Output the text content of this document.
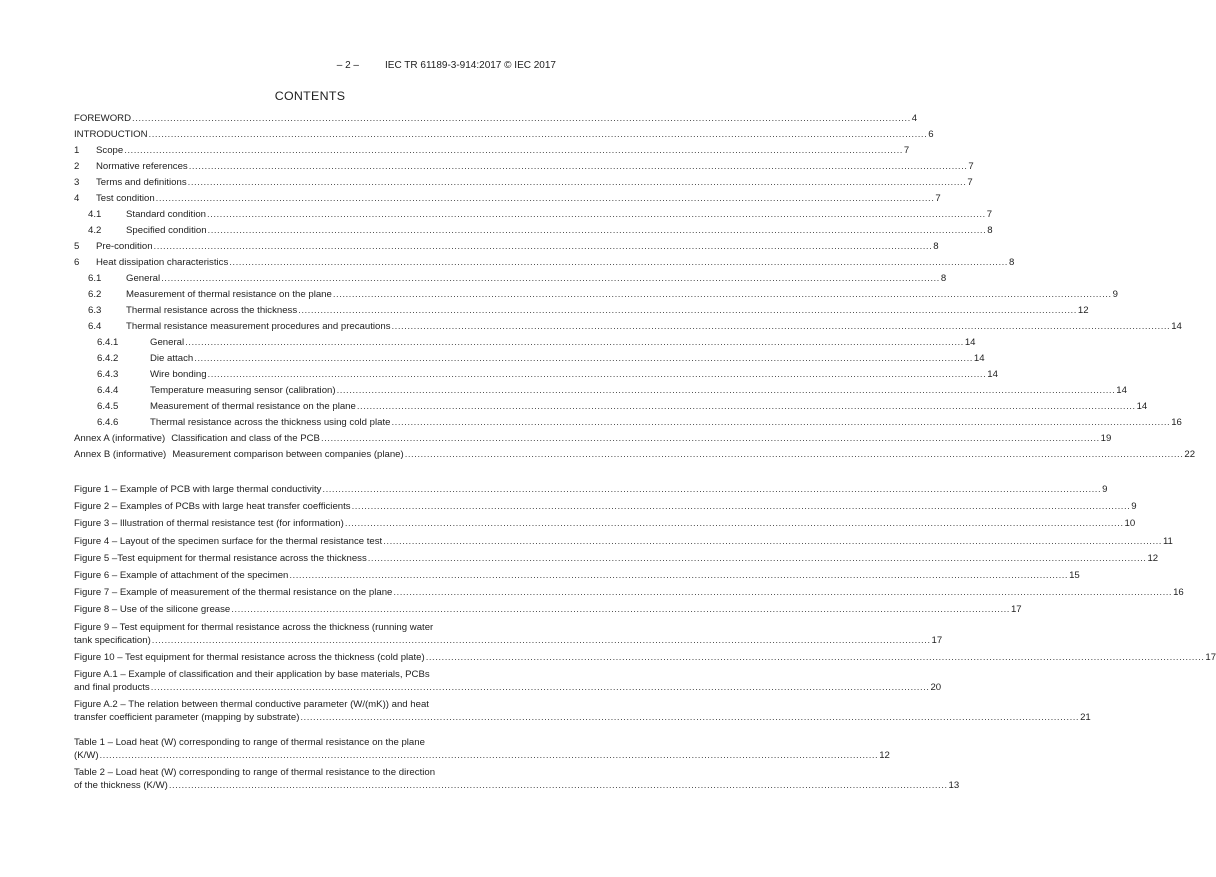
– 2 –	IEC TR 61189-3-914:2017 © IEC 2017
CONTENTS
FOREWORD .....	4
INTRODUCTION .....	6
1	Scope .....	7
2	Normative references .....	7
3	Terms and definitions .....	7
4	Test condition .....	7
4.1	Standard condition .....	7
4.2	Specified condition .....	8
5	Pre-condition .....	8
6	Heat dissipation characteristics .....	8
6.1	General .....	8
6.2	Measurement of thermal resistance on the plane .....	9
6.3	Thermal resistance across the thickness .....	12
6.4	Thermal resistance measurement procedures and precautions .....	14
6.4.1	General .....	14
6.4.2	Die attach .....	14
6.4.3	Wire bonding .....	14
6.4.4	Temperature measuring sensor (calibration) .....	14
6.4.5	Measurement of thermal resistance on the plane .....	14
6.4.6	Thermal resistance across the thickness using cold plate .....	16
Annex A (informative) Classification and class of the PCB .....	19
Annex B (informative) Measurement comparison between companies (plane) .....	22
Figure 1 – Example of PCB with large thermal conductivity .....	9
Figure 2 – Examples of PCBs with large heat transfer coefficients .....	9
Figure 3 – Illustration of thermal resistance test (for information) .....	10
Figure 4 – Layout of the specimen surface for the thermal resistance test .....	11
Figure 5 –Test equipment for thermal resistance across the thickness .....	12
Figure 6 – Example of attachment of the specimen .....	15
Figure 7 – Example of measurement of the thermal resistance on the plane .....	16
Figure 8 – Use of the silicone grease .....	17
Figure 9 – Test equipment for thermal resistance across the thickness (running water
tank specification) .....	17
Figure 10 – Test equipment for thermal resistance across the thickness (cold plate) .....	17
Figure A.1 – Example of classification and their application by base materials, PCBs
and final products .....	20
Figure A.2 – The relation between thermal conductive parameter (W/(mK)) and heat
transfer coefficient parameter (mapping by substrate) .....	21
Table 1 – Load heat (W) corresponding to range of thermal resistance on the plane
(K/W) .....	12
Table 2 – Load heat (W) corresponding to range of thermal resistance to the direction
of the thickness (K/W) .....	13
